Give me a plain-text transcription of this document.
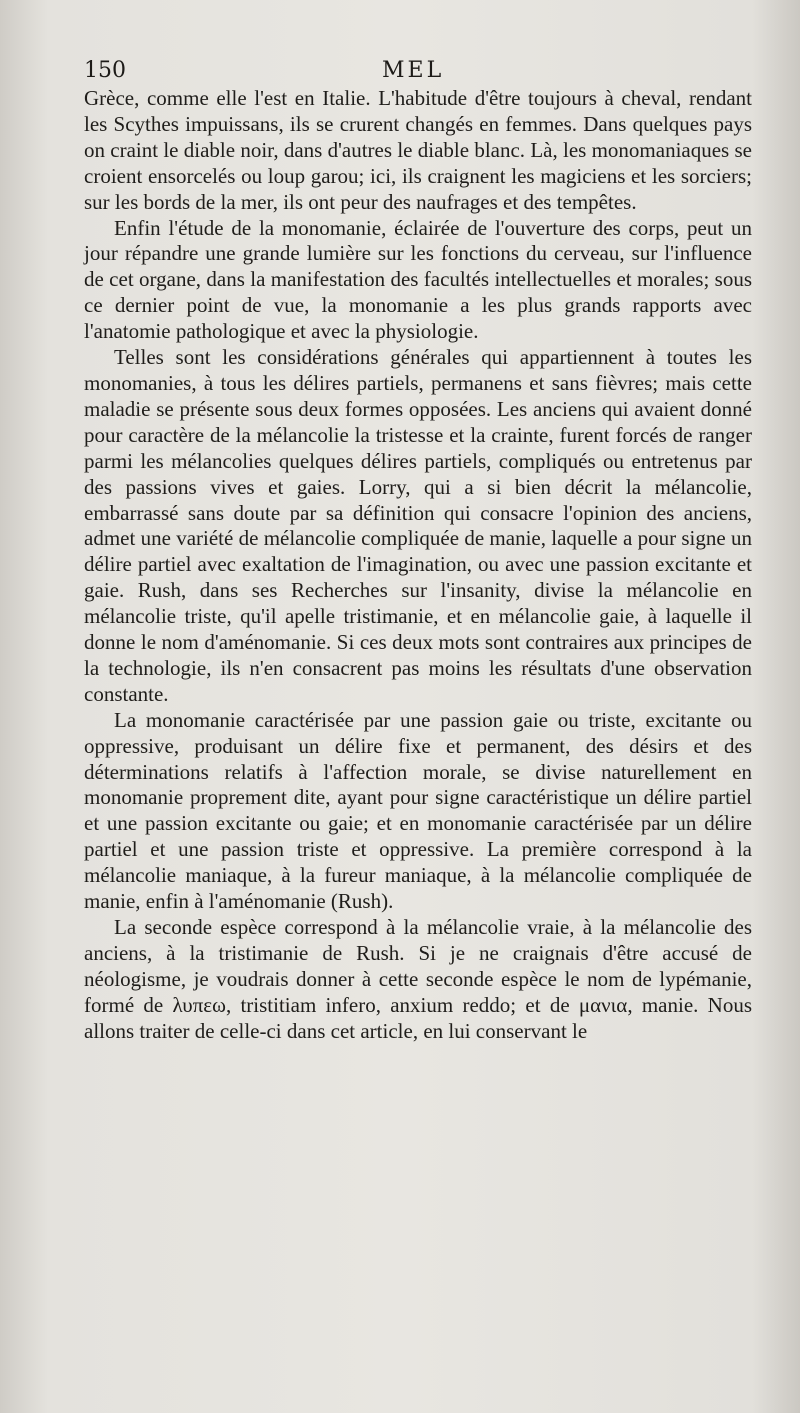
150	MEL

Grèce, comme elle l'est en Italie. L'habitude d'être toujours à cheval, rendant les Scythes impuissans, ils se crurent changés en femmes. Dans quelques pays on craint le diable noir, dans d'autres le diable blanc. Là, les monomaniaques se croient ensorcelés ou loup garou; ici, ils craignent les magiciens et les sorciers; sur les bords de la mer, ils ont peur des naufrages et des tempêtes.

Enfin l'étude de la monomanie, éclairée de l'ouverture des corps, peut un jour répandre une grande lumière sur les fonctions du cerveau, sur l'influence de cet organe, dans la manifestation des facultés intellectuelles et morales; sous ce dernier point de vue, la monomanie a les plus grands rapports avec l'anatomie pathologique et avec la physiologie.

Telles sont les considérations générales qui appartiennent à toutes les monomanies, à tous les délires partiels, permanens et sans fièvres; mais cette maladie se présente sous deux formes opposées. Les anciens qui avaient donné pour caractère de la mélancolie la tristesse et la crainte, furent forcés de ranger parmi les mélancolies quelques délires partiels, compliqués ou entretenus par des passions vives et gaies. Lorry, qui a si bien décrit la mélancolie, embarrassé sans doute par sa définition qui consacre l'opinion des anciens, admet une variété de mélancolie compliquée de manie, laquelle a pour signe un délire partiel avec exaltation de l'imagination, ou avec une passion excitante et gaie. Rush, dans ses Recherches sur l'insanity, divise la mélancolie en mélancolie triste, qu'il apelle tristimanie, et en mélancolie gaie, à laquelle il donne le nom d'aménomanie. Si ces deux mots sont contraires aux principes de la technologie, ils n'en consacrent pas moins les résultats d'une observation constante.

La monomanie caractérisée par une passion gaie ou triste, excitante ou oppressive, produisant un délire fixe et permanent, des désirs et des déterminations relatifs à l'affection morale, se divise naturellement en monomanie proprement dite, ayant pour signe caractéristique un délire partiel et une passion excitante ou gaie; et en monomanie caractérisée par un délire partiel et une passion triste et oppressive. La première correspond à la mélancolie maniaque, à la fureur maniaque, à la mélancolie compliquée de manie, enfin à l'aménomanie (Rush).

La seconde espèce correspond à la mélancolie vraie, à la mélancolie des anciens, à la tristimanie de Rush. Si je ne craignais d'être accusé de néologisme, je voudrais donner à cette seconde espèce le nom de lypémanie, formé de λυπεω, tristitiam infero, anxium reddo; et de μανια, manie. Nous allons traiter de celle-ci dans cet article, en lui conservant le
